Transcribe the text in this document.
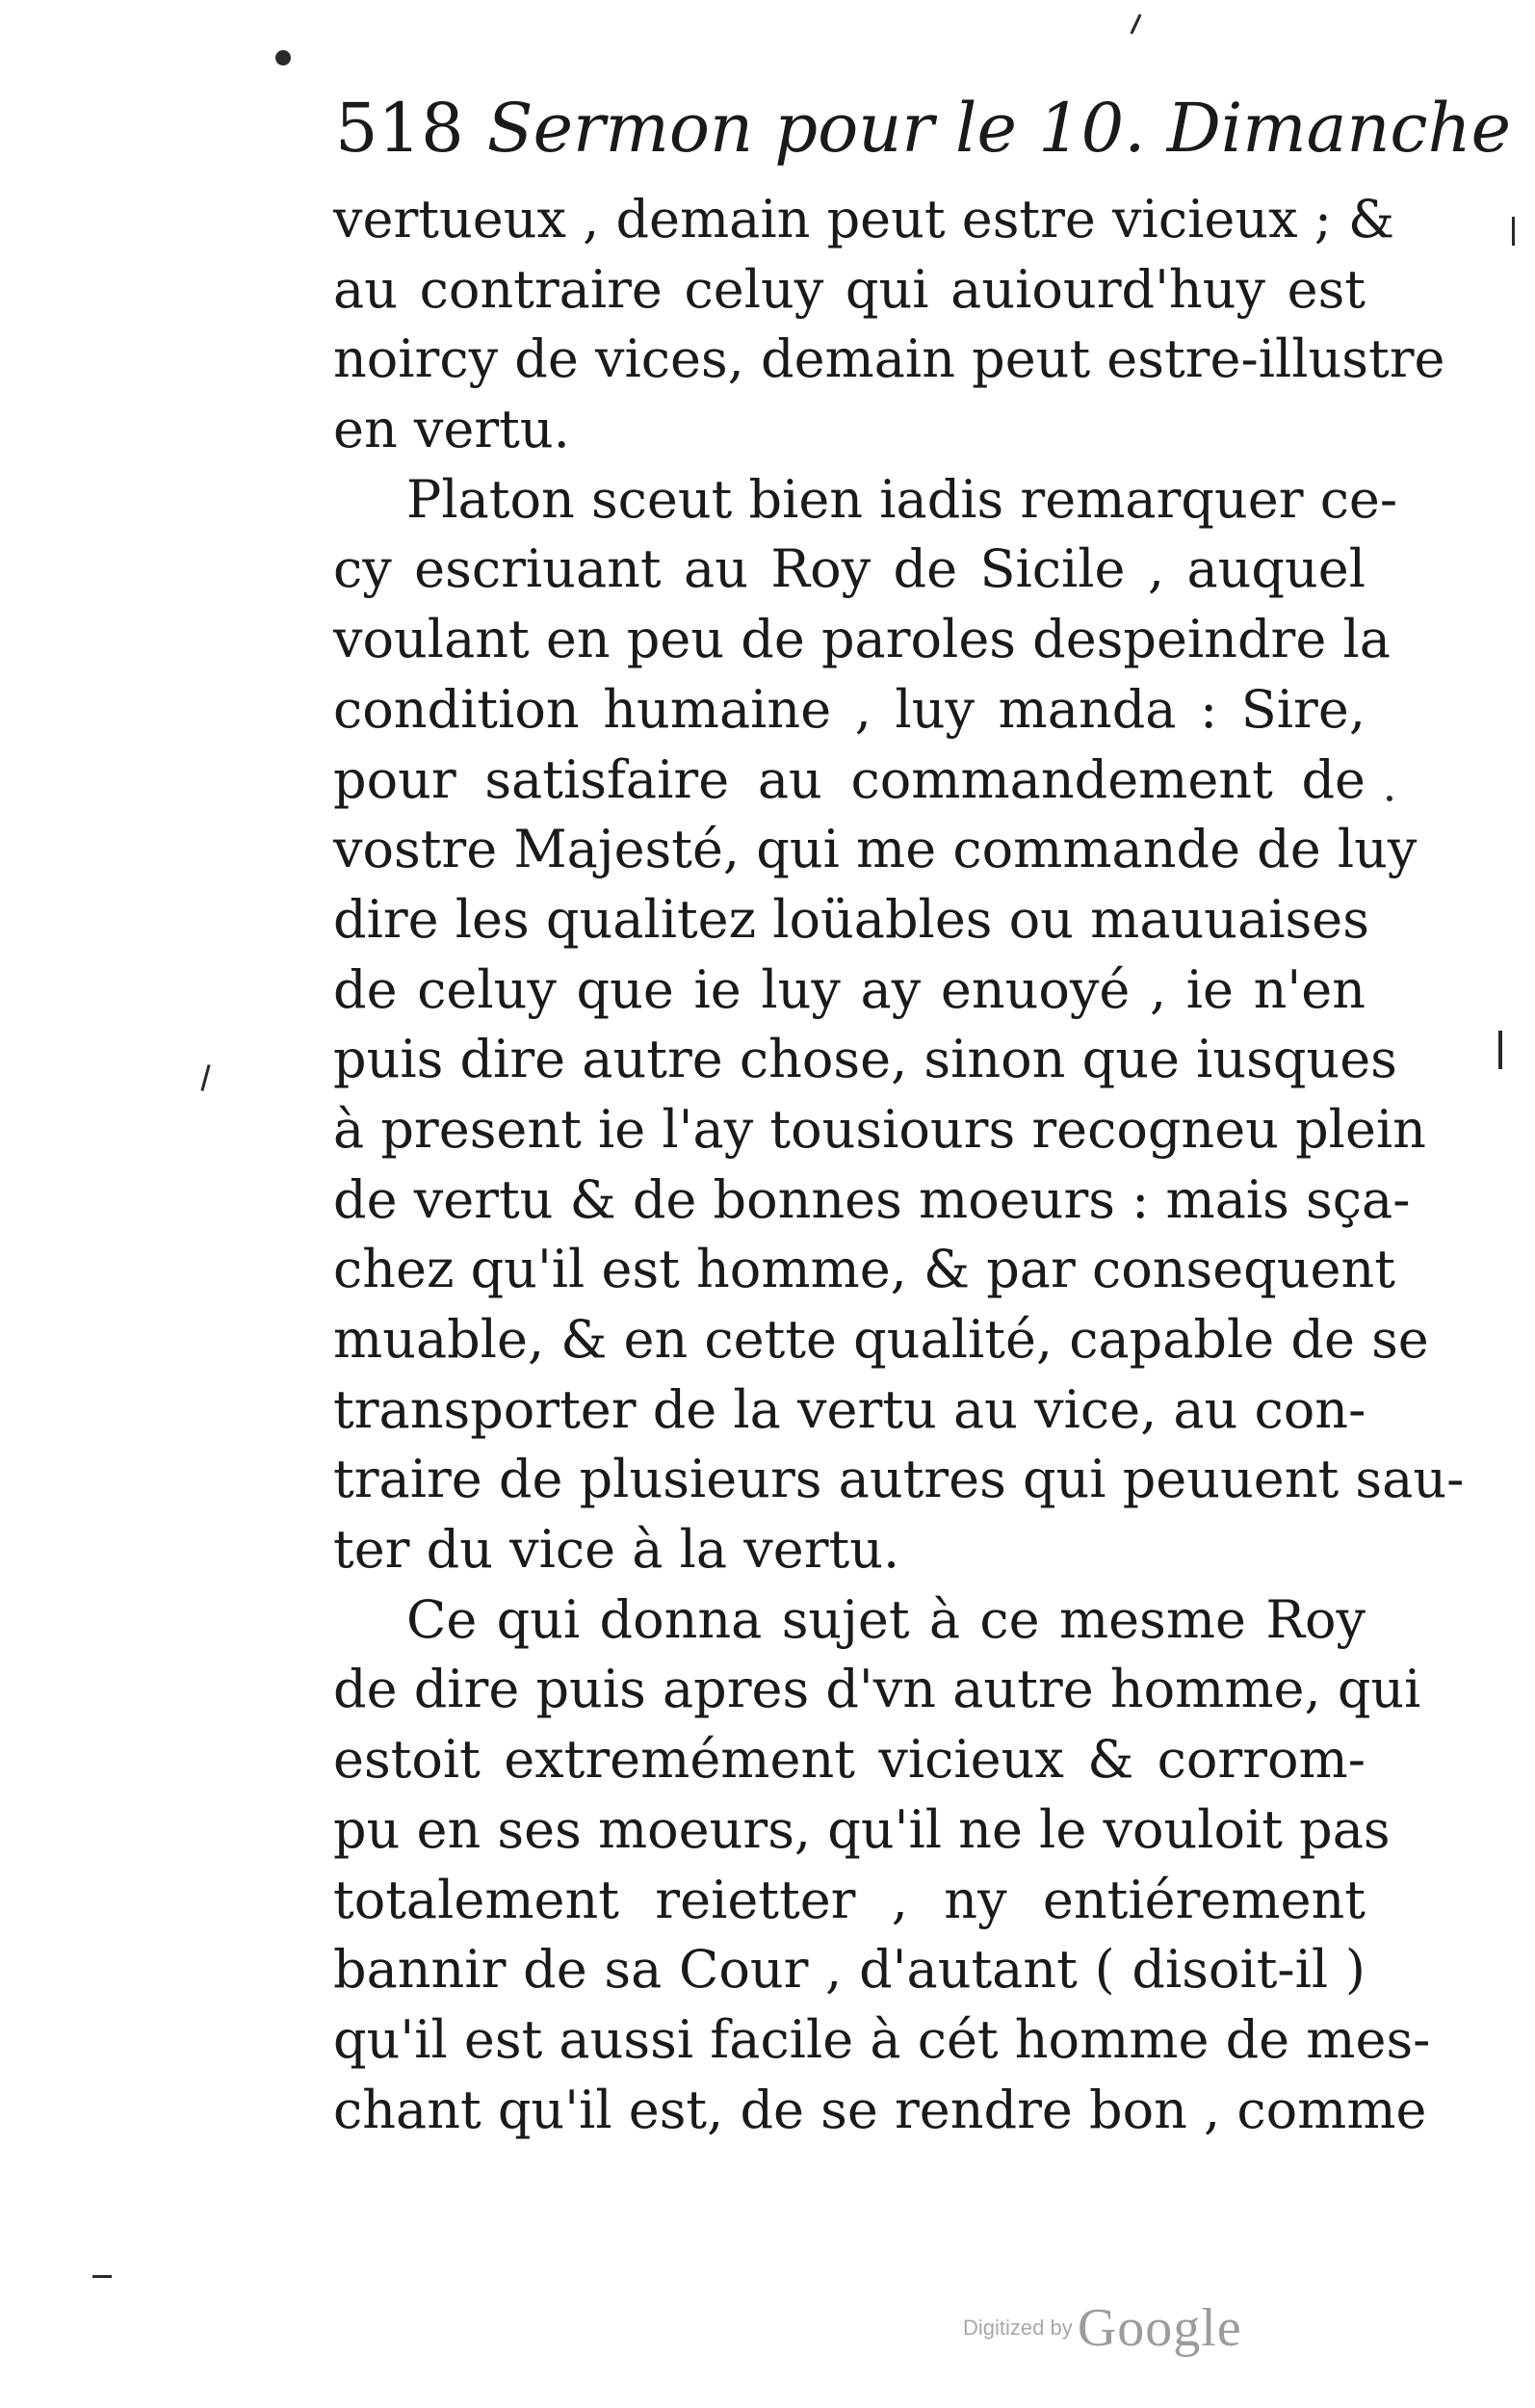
518 Sermon pour le 10. Dimanche
vertueux , demain peut estre vicieux ; &
au contraire celuy qui auiourd'huy est
noircy de vices, demain peut estre-illustre
en vertu.
Platon sceut bien iadis remarquer ce-
cy escriuant au Roy de Sicile , auquel
voulant en peu de paroles despeindre la
condition humaine , luy manda : Sire,
pour satisfaire au commandement de
vostre Majesté, qui me commande de luy
dire les qualitez loüables ou mauuaises
de celuy que ie luy ay enuoyé , ie n'en
puis dire autre chose, sinon que iusques
à present ie l'ay tousiours recogneu plein
de vertu & de bonnes moeurs : mais sça-
chez qu'il est homme, & par consequent
muable, & en cette qualité, capable de se
transporter de la vertu au vice, au con-
traire de plusieurs autres qui peuuent sau-
ter du vice à la vertu.
Ce qui donna sujet à ce mesme Roy
de dire puis apres d'vn autre homme, qui
estoit extremément vicieux & corrom-
pu en ses moeurs, qu'il ne le vouloit pas
totalement reietter , ny entiérement
bannir de sa Cour , d'autant ( disoit-il )
qu'il est aussi facile à cét homme de mes-
chant qu'il est, de se rendre bon , comme
Digitized by Google
